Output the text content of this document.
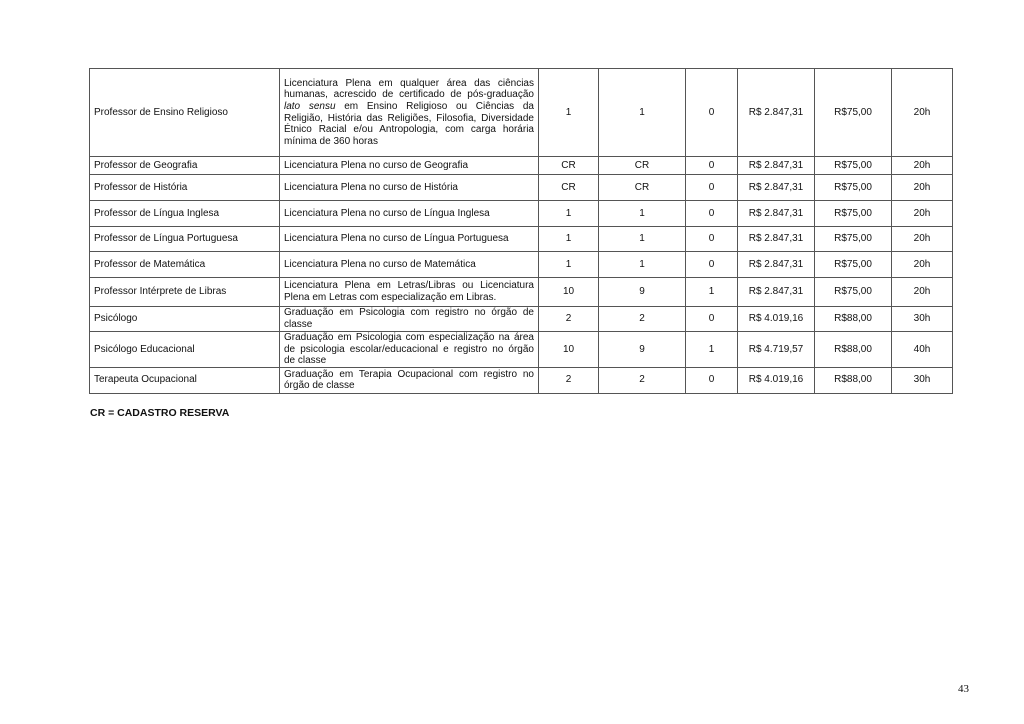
Professor de Ensino Religioso	Licenciatura Plena em qualquer área das ciências humanas, acrescido de certificado de pós-graduação lato sensu em Ensino Religioso ou Ciências da Religião, História das Religiões, Filosofia, Diversidade Étnico Racial e/ou Antropologia, com carga horária mínima de 360 horas	1	1	0	R$ 2.847,31	R$75,00	20h
Professor de Geografia	Licenciatura Plena no curso de Geografia	CR	CR	0	R$ 2.847,31	R$75,00	20h
Professor de História	Licenciatura Plena no curso de História	CR	CR	0	R$ 2.847,31	R$75,00	20h
Professor de Língua Inglesa	Licenciatura Plena no curso de Língua Inglesa	1	1	0	R$ 2.847,31	R$75,00	20h
Professor de Língua Portuguesa	Licenciatura Plena no curso de Língua Portuguesa	1	1	0	R$ 2.847,31	R$75,00	20h
Professor de Matemática	Licenciatura Plena no curso de Matemática	1	1	0	R$ 2.847,31	R$75,00	20h
Professor Intérprete de Libras	Licenciatura Plena em Letras/Libras ou Licenciatura Plena em Letras com especialização em Libras.	10	9	1	R$ 2.847,31	R$75,00	20h
Psicólogo	Graduação em Psicologia com registro no órgão de classe	2	2	0	R$ 4.019,16	R$88,00	30h
Psicólogo Educacional	Graduação em Psicologia com especialização na área de psicologia escolar/educacional e registro no órgão de classe	10	9	1	R$ 4.719,57	R$88,00	40h
Terapeuta Ocupacional	Graduação em Terapia Ocupacional com registro no órgão de classe	2	2	0	R$ 4.019,16	R$88,00	30h
CR = CADASTRO RESERVA
43
